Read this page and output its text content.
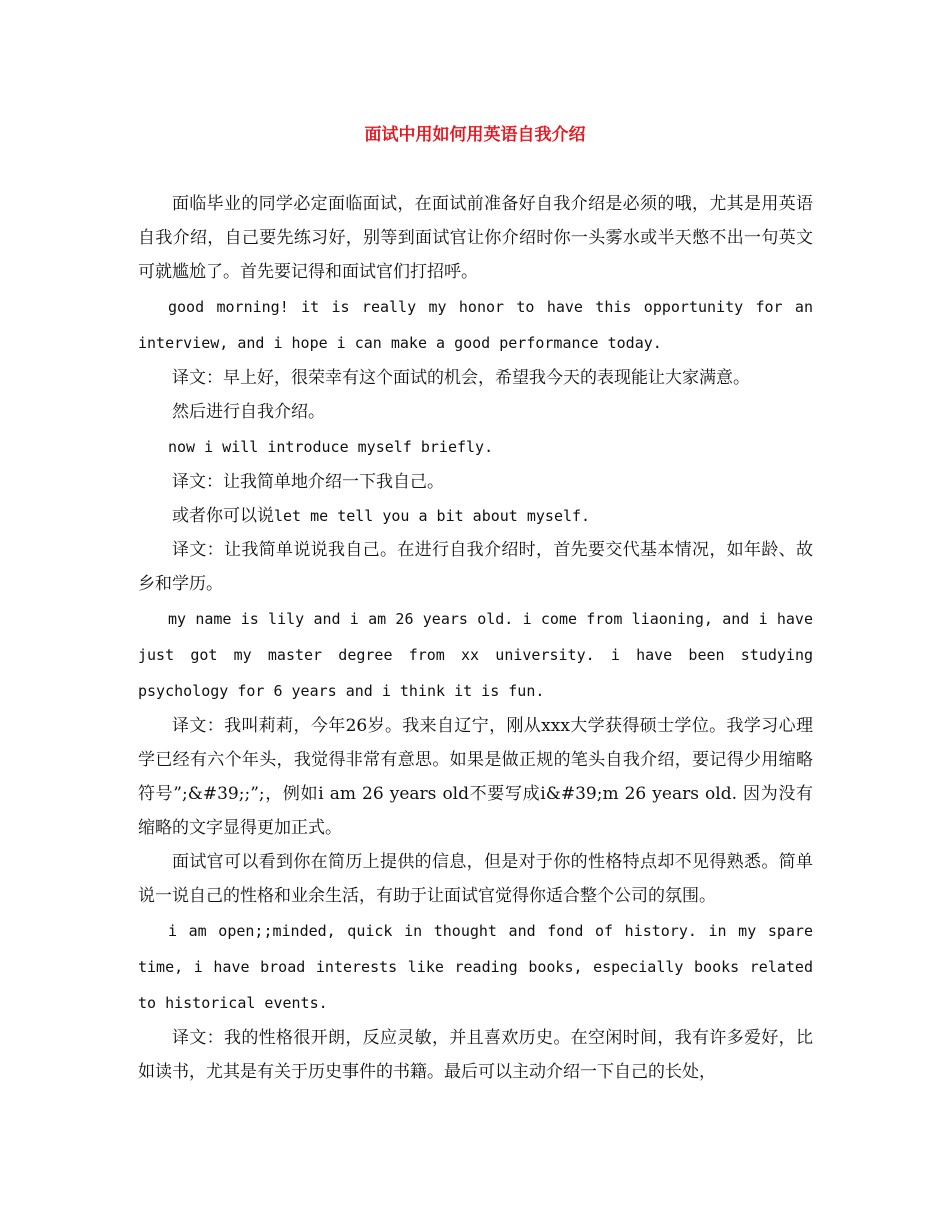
面试中用如何用英语自我介绍

面临毕业的同学必定面临面试，在面试前准备好自我介绍是必须的哦，尤其是用英语自我介绍，自己要先练习好，别等到面试官让你介绍时你一头雾水或半天憋不出一句英文可就尴尬了。首先要记得和面试官们打招呼。

good morning! it is really my honor to have this opportunity for an interview, and i hope i can make a good performance today.

译文：早上好，很荣幸有这个面试的机会，希望我今天的表现能让大家满意。

然后进行自我介绍。

now i will introduce myself briefly.

译文：让我简单地介绍一下我自己。

或者你可以说let me tell you a bit about myself.

译文：让我简单说说我自己。在进行自我介绍时，首先要交代基本情况，如年龄、故乡和学历。

my name is lily and i am 26 years old. i come from liaoning, and i have just got my master degree from xx university. i have been studying psychology for 6 years and i think it is fun.

译文：我叫莉莉，今年26岁。我来自辽宁，刚从xxx大学获得硕士学位。我学习心理学已经有六个年头，我觉得非常有意思。如果是做正规的笔头自我介绍，要记得少用缩略符号”;&#39;;”;，例如i am 26 years old不要写成i&#39;m 26 years old. 因为没有缩略的文字显得更加正式。

面试官可以看到你在简历上提供的信息，但是对于你的性格特点却不见得熟悉。简单说一说自己的性格和业余生活，有助于让面试官觉得你适合整个公司的氛围。

i am open;;minded, quick in thought and fond of history. in my spare time, i have broad interests like reading books, especially books related to historical events.

译文：我的性格很开朗，反应灵敏，并且喜欢历史。在空闲时间，我有许多爱好，比如读书，尤其是有关于历史事件的书籍。最后可以主动介绍一下自己的长处，
